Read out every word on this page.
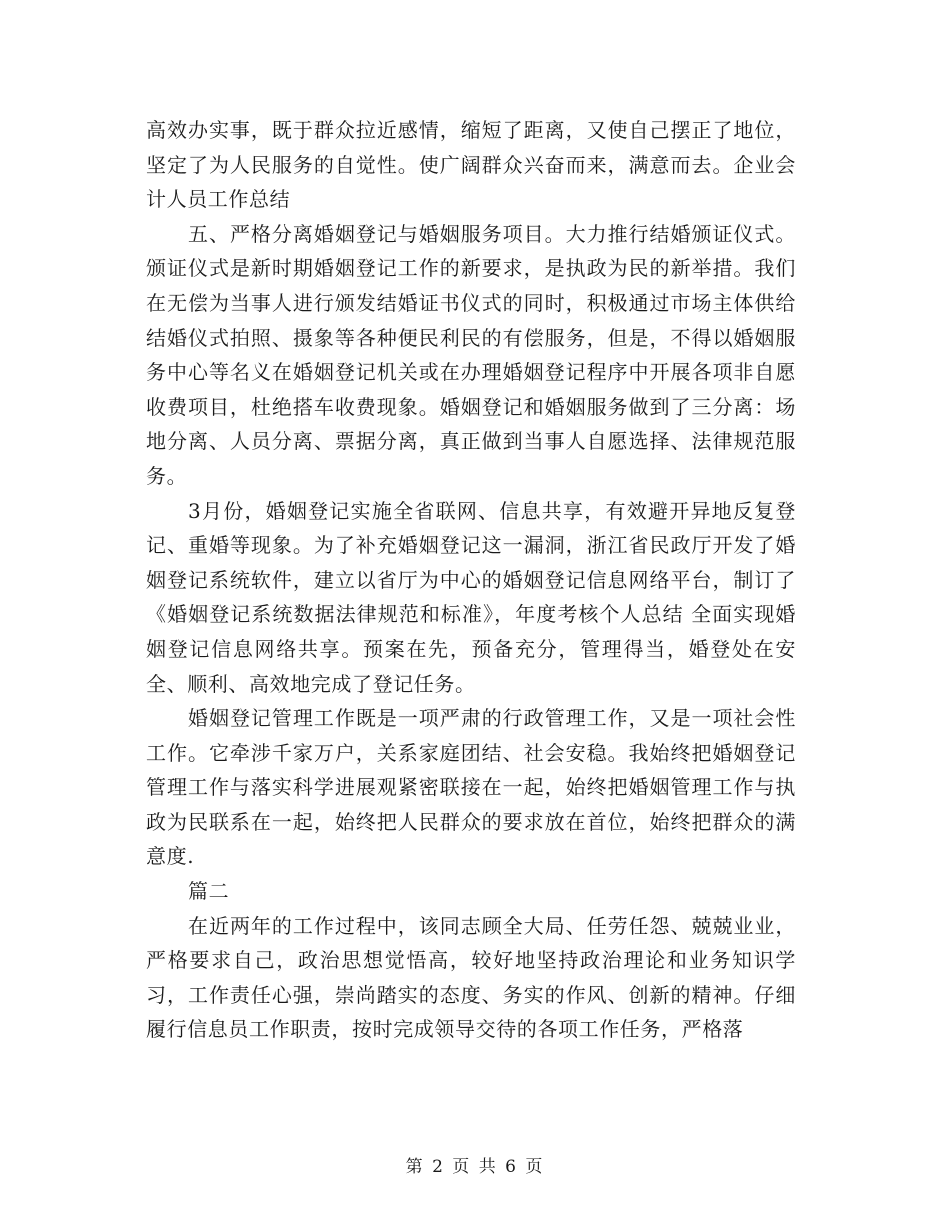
高效办实事，既于群众拉近感情，缩短了距离，又使自己摆正了地位，坚定了为人民服务的自觉性。使广阔群众兴奋而来，满意而去。企业会计人员工作总结

五、严格分离婚姻登记与婚姻服务项目。大力推行结婚颁证仪式。颁证仪式是新时期婚姻登记工作的新要求，是执政为民的新举措。我们在无偿为当事人进行颁发结婚证书仪式的同时，积极通过市场主体供给结婚仪式拍照、摄象等各种便民利民的有偿服务，但是，不得以婚姻服务中心等名义在婚姻登记机关或在办理婚姻登记程序中开展各项非自愿收费项目，杜绝搭车收费现象。婚姻登记和婚姻服务做到了三分离：场地分离、人员分离、票据分离，真正做到当事人自愿选择、法律规范服务。

3月份，婚姻登记实施全省联网、信息共享，有效避开异地反复登记、重婚等现象。为了补充婚姻登记这一漏洞，浙江省民政厅开发了婚姻登记系统软件，建立以省厅为中心的婚姻登记信息网络平台，制订了《婚姻登记系统数据法律规范和标准》，年度考核个人总结 全面实现婚姻登记信息网络共享。预案在先，预备充分，管理得当，婚登处在安全、顺利、高效地完成了登记任务。

婚姻登记管理工作既是一项严肃的行政管理工作，又是一项社会性工作。它牵涉千家万户，关系家庭团结、社会安稳。我始终把婚姻登记管理工作与落实科学进展观紧密联接在一起，始终把婚姻管理工作与执政为民联系在一起，始终把人民群众的要求放在首位，始终把群众的满意度.

篇二

在近两年的工作过程中，该同志顾全大局、任劳任怨、兢兢业业，严格要求自己，政治思想觉悟高，较好地坚持政治理论和业务知识学习，工作责任心强，崇尚踏实的态度、务实的作风、创新的精神。仔细履行信息员工作职责，按时完成领导交待的各项工作任务，严格落

第 2 页 共 6 页
